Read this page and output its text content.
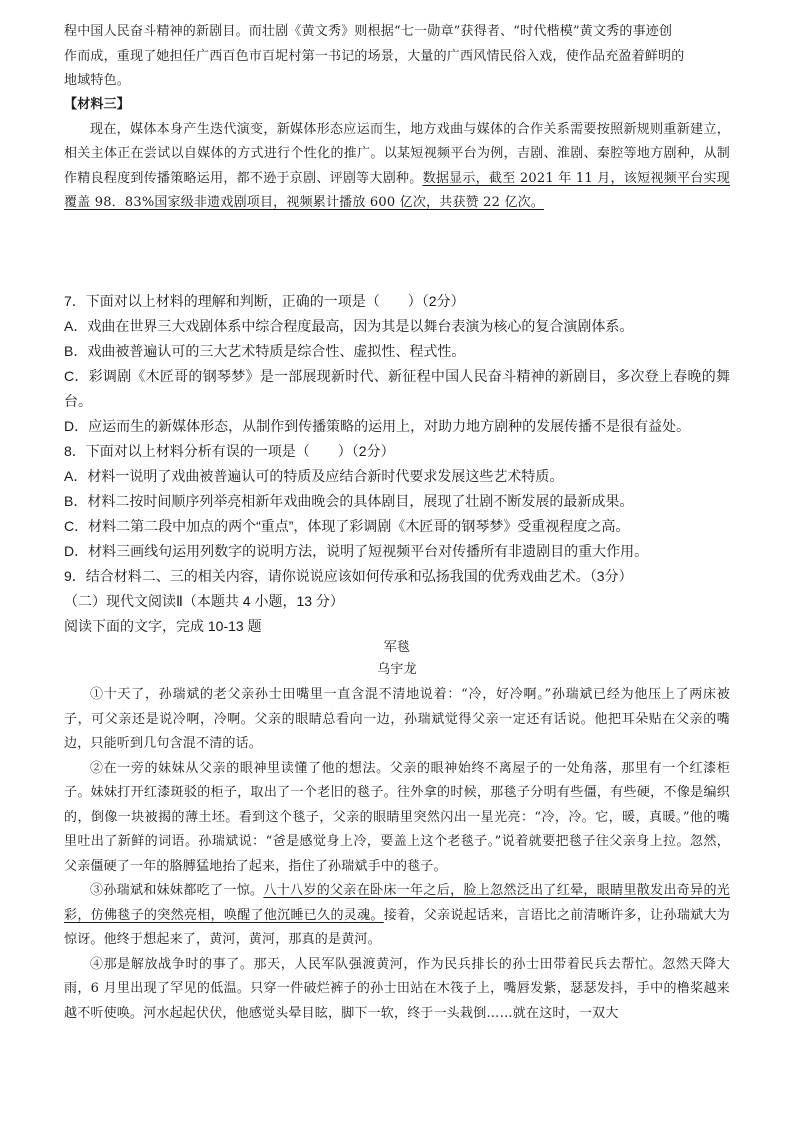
程中国人民奋斗精神的新剧目。而壮剧《黄文秀》则根据“七一勋章”获得者、“时代楷模”黄文秀的事迹创

作而成，重现了她担任广西百色市百坭村第一书记的场景，大量的广西风情民俗入戏，使作品充盈着鲜明的

地域特色。

【材料三】

现在，媒体本身产生迭代演变，新媒体形态应运而生，地方戏曲与媒体的合作关系需要按照新规则重新建立，相关主体正在尝试以自媒体的方式进行个性化的推广。以某短视频平台为例，吉剧、淮剧、秦腔等地方剧种，从制作精良程度到传播策略运用，都不逊于京剧、评剧等大剧种。数据显示，截至 2021 年 11 月，该短视频平台实现覆盖 98．83%国家级非遗戏剧项目，视频累计播放 600 亿次，共获赞 22 亿次。

7．下面对以上材料的理解和判断，正确的一项是（　　）（2分）

A．戏曲在世界三大戏剧体系中综合程度最高，因为其是以舞台表演为核心的复合演剧体系。

B．戏曲被普遍认可的三大艺术特质是综合性、虚拟性、程式性。

C．彩调剧《木匠哥的钢琴梦》是一部展现新时代、新征程中国人民奋斗精神的新剧目，多次登上春晚的舞台。

D．应运而生的新媒体形态，从制作到传播策略的运用上，对助力地方剧种的发展传播不是很有益处。

8．下面对以上材料分析有误的一项是（　　）（2分）

A．材料一说明了戏曲被普遍认可的特质及应结合新时代要求发展这些艺术特质。

B．材料二按时间顺序列举亮相新年戏曲晚会的具体剧目，展现了壮剧不断发展的最新成果。

C．材料二第二段中加点的两个“重点”，体现了彩调剧《木匠哥的钢琴梦》受重视程度之高。

D．材料三画线句运用列数字的说明方法，说明了短视频平台对传播所有非遗剧目的重大作用。

9．结合材料二、三的相关内容，请你说说应该如何传承和弘扬我国的优秀戏曲艺术。（3分）

（二）现代文阅读Ⅱ（本题共 4 小题，13 分）

阅读下面的文字，完成 10-13 题

军毯

乌宇龙

①十天了，孙瑞斌的老父亲孙士田嘴里一直含混不清地说着：“冷，好冷啊。”孙瑞斌已经为他压上了两床被子，可父亲还是说冷啊，冷啊。父亲的眼睛总看向一边，孙瑞斌觉得父亲一定还有话说。他把耳朵贴在父亲的嘴边，只能听到几句含混不清的话。

②在一旁的妹妹从父亲的眼神里读懂了他的想法。父亲的眼神始终不离屋子的一处角落，那里有一个红漆柜子。妹妹打开红漆斑驳的柜子，取出了一个老旧的毯子。往外拿的时候，那毯子分明有些僵，有些硬，不像是编织的，倒像一块被揭的薄土坯。看到这个毯子，父亲的眼睛里突然闪出一星光亮：“冷，冷。它，暖，真暖。”他的嘴里吐出了新鲜的词语。孙瑞斌说：“爸是感觉身上冷，要盖上这个老毯子。”说着就要把毯子往父亲身上拉。忽然，父亲僵硬了一年的胳膊猛地抬了起来，指住了孙瑞斌手中的毯子。

③孙瑞斌和妹妹都吃了一惊。八十八岁的父亲在卧床一年之后，脸上忽然泛出了红晕，眼睛里散发出奇异的光彩，仿佛毯子的突然亮相，唤醒了他沉睡已久的灵魂。接着，父亲说起话来，言语比之前清晰许多，让孙瑞斌大为惊讶。他终于想起来了，黄河，黄河，那真的是黄河。

④那是解放战争时的事了。那天，人民军队强渡黄河，作为民兵排长的孙士田带着民兵去帮忙。忽然天降大雨，6 月里出现了罕见的低温。只穿一件破烂裤子的孙士田站在木筏子上，嘴唇发紫，瑟瑟发抖，手中的橹桨越来越不听使唤。河水起起伏伏，他感觉头晕目眩，脚下一软，终于一头栽倒……就在这时，一双大
